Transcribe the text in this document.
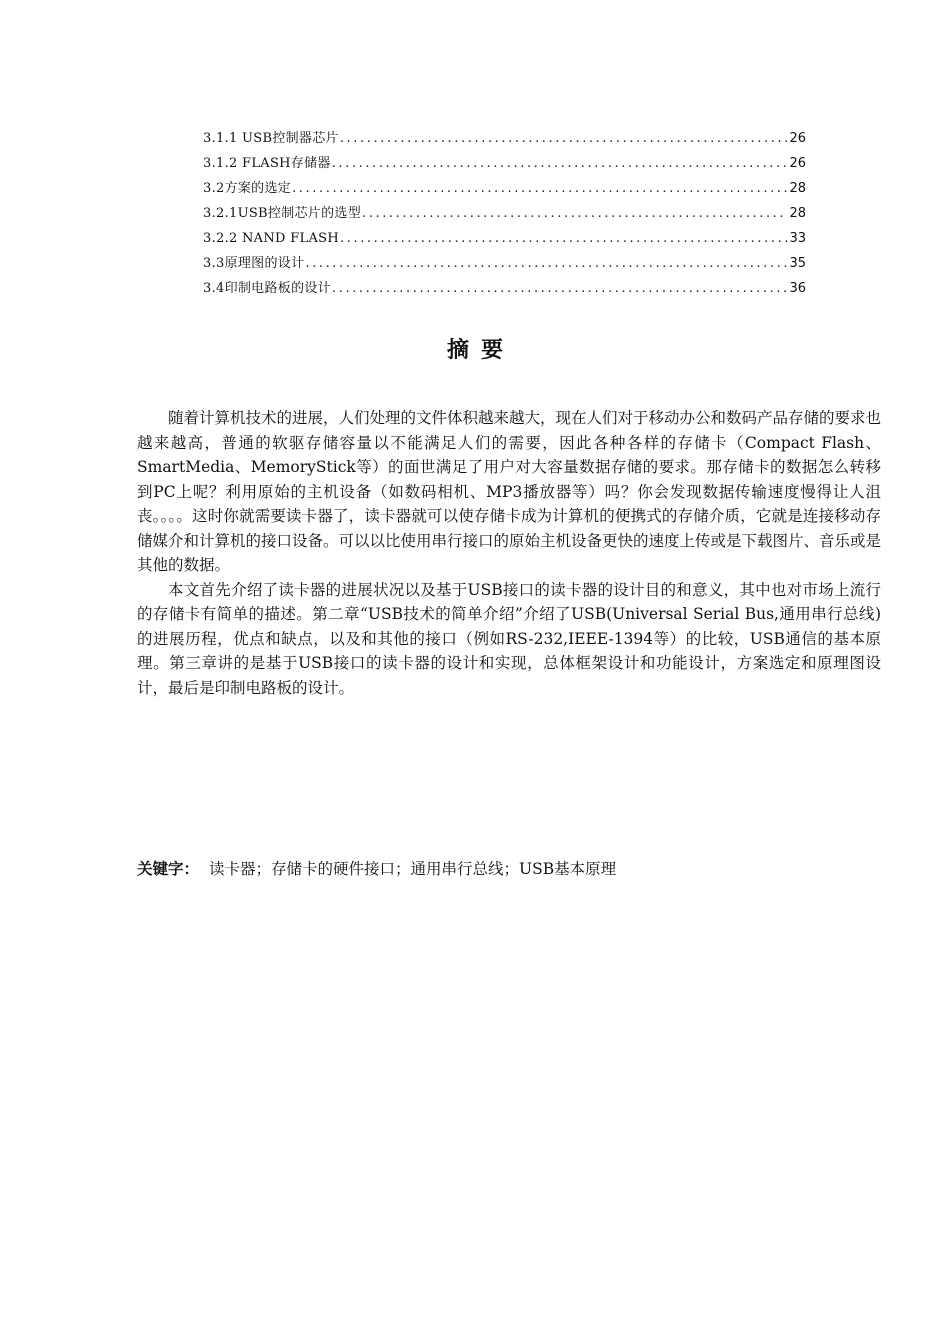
3.1.1 USB控制器芯片 .....	26
3.1.2 FLASH存储器 .....	26
3.2方案的选定 .....	28
3.2.1USB控制芯片的选型 .....	28
3.2.2 NAND FLASH .....	33
3.3原理图的设计 .....	35
3.4印制电路板的设计 .....	36
摘要

随着计算机技术的进展，人们处理的文件体积越来越大，现在人们对于移动办公和数码产品存储的要求也越来越高，普通的软驱存储容量以不能满足人们的需要，因此各种各样的存储卡（Compact Flash、SmartMedia、MemoryStick等）的面世满足了用户对大容量数据存储的要求。那存储卡的数据怎么转移到PC上呢？利用原始的主机设备（如数码相机、MP3播放器等）吗？你会发现数据传输速度慢得让人沮丧。。。。这时你就需要读卡器了，读卡器就可以使存储卡成为计算机的便携式的存储介质，它就是连接移动存储媒介和计算机的接口设备。可以以比使用串行接口的原始主机设备更快的速度上传或是下载图片、音乐或是其他的数据。

本文首先介绍了读卡器的进展状况以及基于USB接口的读卡器的设计目的和意义，其中也对市场上流行的存储卡有简单的描述。第二章“USB技术的简单介绍”介绍了USB(Universal Serial Bus,通用串行总线)的进展历程，优点和缺点，以及和其他的接口（例如RS-232,IEEE-1394等）的比较，USB通信的基本原理。第三章讲的是基于USB接口的读卡器的设计和实现，总体框架设计和功能设计，方案选定和原理图设计，最后是印制电路板的设计。

关键字： 读卡器；存储卡的硬件接口；通用串行总线；USB基本原理
